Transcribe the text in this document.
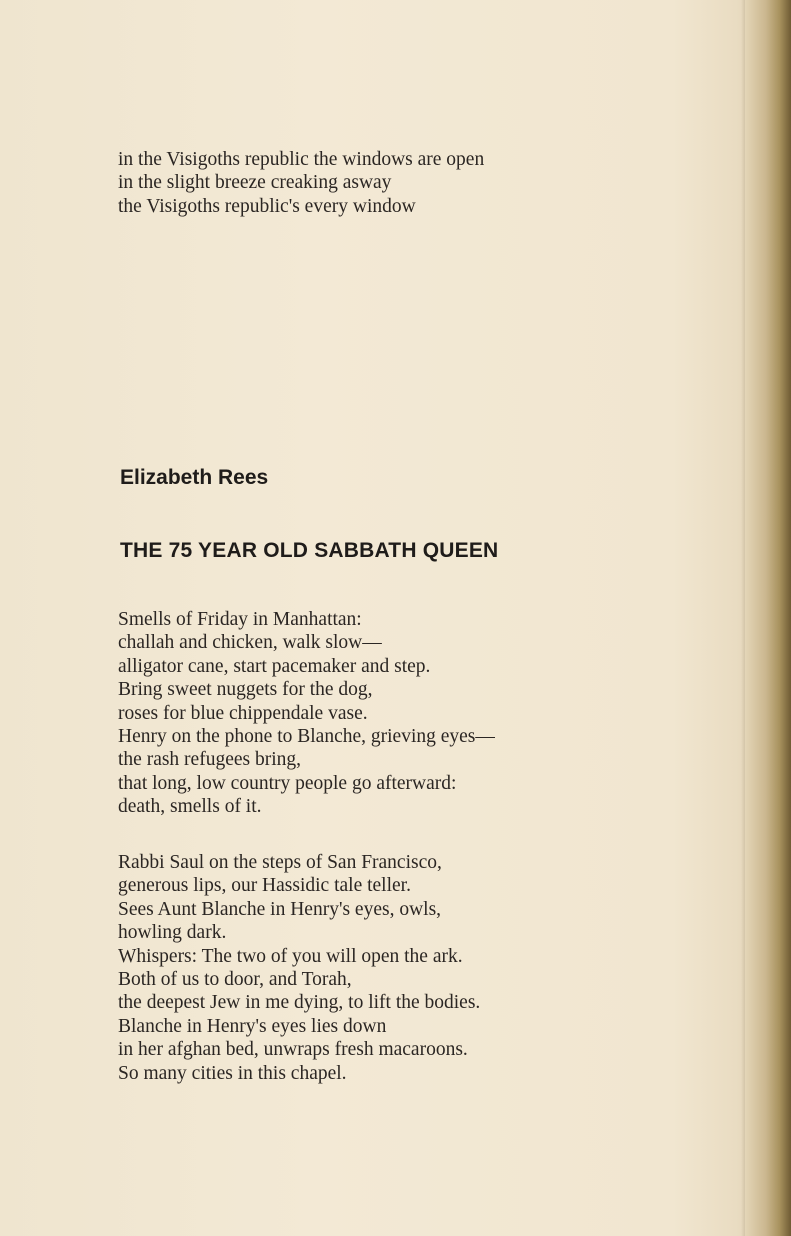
in the Visigoths republic the windows are open
in the slight breeze creaking asway
the Visigoths republic's every window
Elizabeth Rees
THE 75 YEAR OLD SABBATH QUEEN
Smells of Friday in Manhattan:
challah and chicken, walk slow—
alligator cane, start pacemaker and step.
Bring sweet nuggets for the dog,
roses for blue chippendale vase.
Henry on the phone to Blanche, grieving eyes—
the rash refugees bring,
that long, low country people go afterward:
death, smells of it.
Rabbi Saul on the steps of San Francisco,
generous lips, our Hassidic tale teller.
Sees Aunt Blanche in Henry's eyes, owls,
howling dark.
Whispers: The two of you will open the ark.
Both of us to door, and Torah,
the deepest Jew in me dying, to lift the bodies.
Blanche in Henry's eyes lies down
in her afghan bed, unwraps fresh macaroons.
So many cities in this chapel.
